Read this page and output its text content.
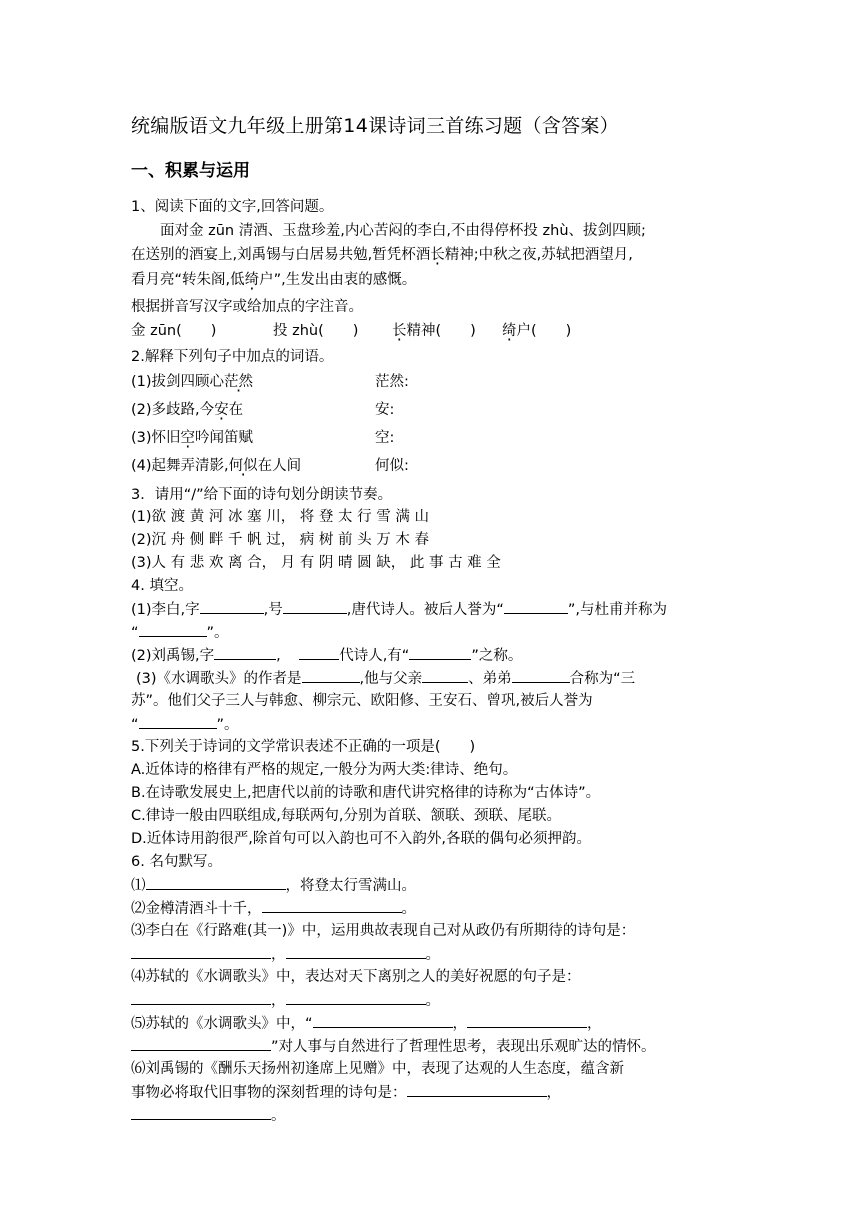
统编版语文九年级上册第14课诗词三首练习题（含答案）
一、积累与运用
1、阅读下面的文字,回答问题。
面对金 zūn 清酒、玉盘珍羞,内心苦闷的李白,不由得停杯投 zhù、拔剑四顾;
在送别的酒宴上,刘禹锡与白居易共勉,暂凭杯酒长精神;中秋之夜,苏轼把酒望月,
看月亮“转朱阁,低绮户”,生发出由衷的感慨。
根据拼音写汉字或给加点的字注音。
金 zūn(　　)	投 zhù(　　) 长精神(　　) 绮户(　　)
2.解释下列句子中加点的词语。
(1)拔剑四顾心茫然	茫然:
(2)多歧路,今安在	安:
(3)怀旧空吟闻笛赋	空:
(4)起舞弄清影,何似在人间	何似:
3．请用“/”给下面的诗句划分朗读节奏。
(1)欲 渡 黄 河 冰 塞 川， 将 登 太 行 雪 满 山
(2)沉 舟 侧 畔 千 帆 过， 病 树 前 头 万 木 春
(3)人 有 悲 欢 离 合， 月 有 阴 晴 圆 缺， 此 事 古 难 全
4. 填空。
(1)李白,字	,号	,唐代诗人。被后人誉为“	”,与杜甫并称为
“	”。
(2)刘禹锡,字	,	代诗人,有“	”之称。
(3)《水调歌头》的作者是	,他与父亲	、弟弟	合称为“三
苏”。他们父子三人与韩愈、柳宗元、欧阳修、王安石、曾巩,被后人誉为
“	”。
5.下列关于诗词的文学常识表述不正确的一项是(　　)
A.近体诗的格律有严格的规定,一般分为两大类:律诗、绝句。
B.在诗歌发展史上,把唐代以前的诗歌和唐代讲究格律的诗称为“古体诗”。
C.律诗一般由四联组成,每联两句,分别为首联、颔联、颈联、尾联。
D.近体诗用韵很严,除首句可以入韵也可不入韵外,各联的偶句必须押韵。
6. 名句默写。
⑴	，将登太行雪满山。
⑵金樽清酒斗十千，	。
⑶李白在《行路难(其一)》中，运用典故表现自己对从政仍有所期待的诗句是：
，	。
⑷苏轼的《水调歌头》中，表达对天下离别之人的美好祝愿的句子是：
，	。
⑸苏轼的《水调歌头》中，“	，	，
”对人事与自然进行了哲理性思考，表现出乐观旷达的情怀。
⑹刘禹锡的《酬乐天扬州初逢席上见赠》中，表现了达观的人生态度，蕴含新
事物必将取代旧事物的深刻哲理的诗句是：	，
。
